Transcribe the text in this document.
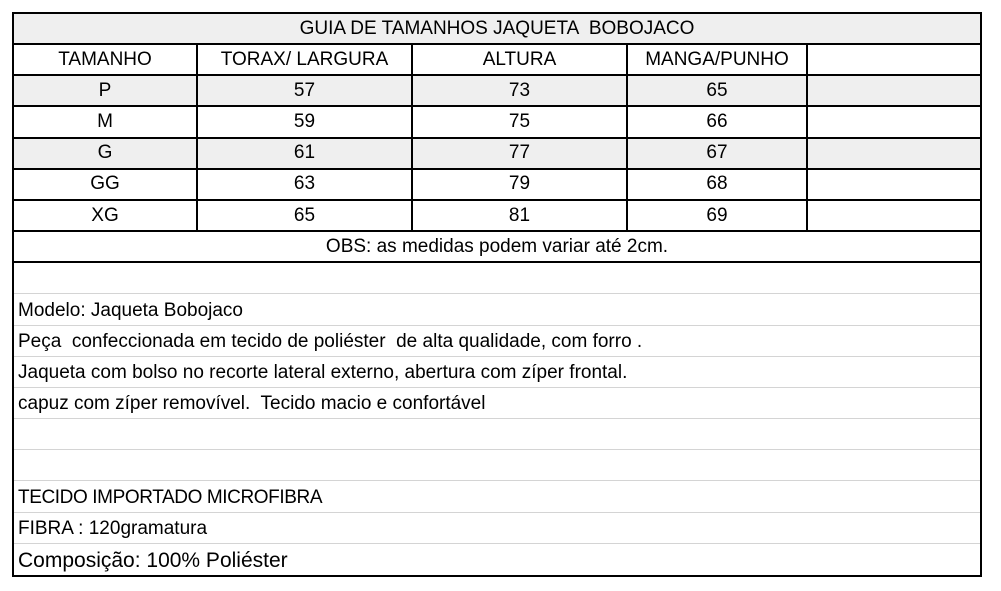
GUIA DE TAMANHOS JAQUETA  BOBOJACO
TAMANHO	TORAX/ LARGURA	ALTURA	MANGA/PUNHO
P	57	73	65
M	59	75	66
G	61	77	67
GG	63	79	68
XG	65	81	69
OBS: as medidas podem variar até 2cm.
Modelo: Jaqueta Bobojaco
Peça  confeccionada em tecido de poliéster  de alta qualidade, com forro .
Jaqueta com bolso no recorte lateral externo, abertura com zíper frontal.
capuz com zíper removível.  Tecido macio e confortável
TECIDO IMPORTADO MICROFIBRA
FIBRA : 120gramatura
Composição: 100% Poliéster
